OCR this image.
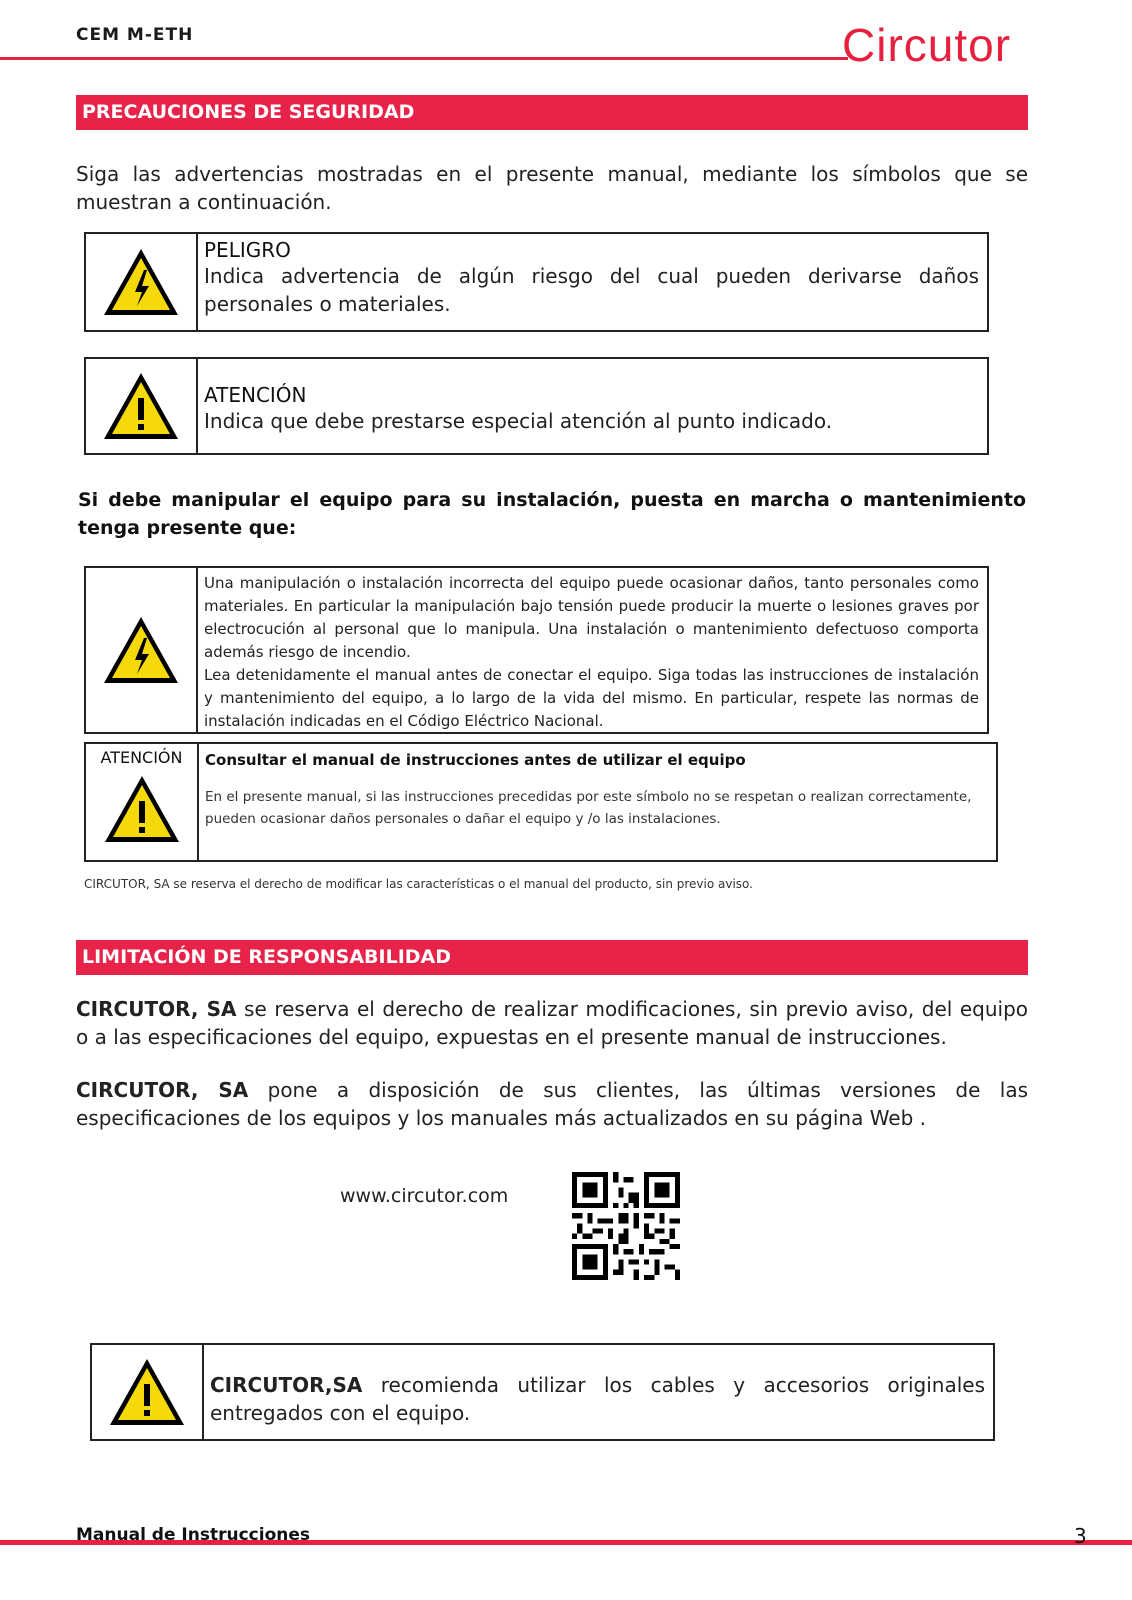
CEM M-ETH	Circutor
PRECAUCIONES DE SEGURIDAD
Siga las advertencias mostradas en el presente manual, mediante los símbolos que se muestran a continuación.
PELIGRO
Indica advertencia de algún riesgo del cual pueden derivarse daños personales o materiales.
ATENCIÓN
Indica que debe prestarse especial atención al punto indicado.
Si debe manipular el equipo para su instalación, puesta en marcha o mantenimiento tenga presente que:
Una manipulación o instalación incorrecta del equipo puede ocasionar daños, tanto personales como materiales. En particular la manipulación bajo tensión puede producir la muerte o lesiones graves por electrocución al personal que lo manipula. Una instalación o mantenimiento defectuoso comporta además riesgo de incendio.
Lea detenidamente el manual antes de conectar el equipo. Siga todas las instrucciones de instalación y mantenimiento del equipo, a lo largo de la vida del mismo. En particular, respete las normas de instalación indicadas en el Código Eléctrico Nacional.
ATENCIÓN Consultar el manual de instrucciones antes de utilizar el equipo
En el presente manual, si las instrucciones precedidas por este símbolo no se respetan o realizan correctamente, pueden ocasionar daños personales o dañar el equipo y /o las instalaciones.
CIRCUTOR, SA se reserva el derecho de modificar las características o el manual del producto, sin previo aviso.
LIMITACIÓN DE RESPONSABILIDAD
CIRCUTOR, SA se reserva el derecho de realizar modificaciones, sin previo aviso, del equipo o a las especificaciones del equipo, expuestas en el presente manual de instrucciones.
CIRCUTOR, SA pone a disposición de sus clientes, las últimas versiones de las especificaciones de los equipos y los manuales más actualizados en su página Web .
www.circutor.com
CIRCUTOR,SA recomienda utilizar los cables y accesorios originales entregados con el equipo.
Manual de Instrucciones	3
